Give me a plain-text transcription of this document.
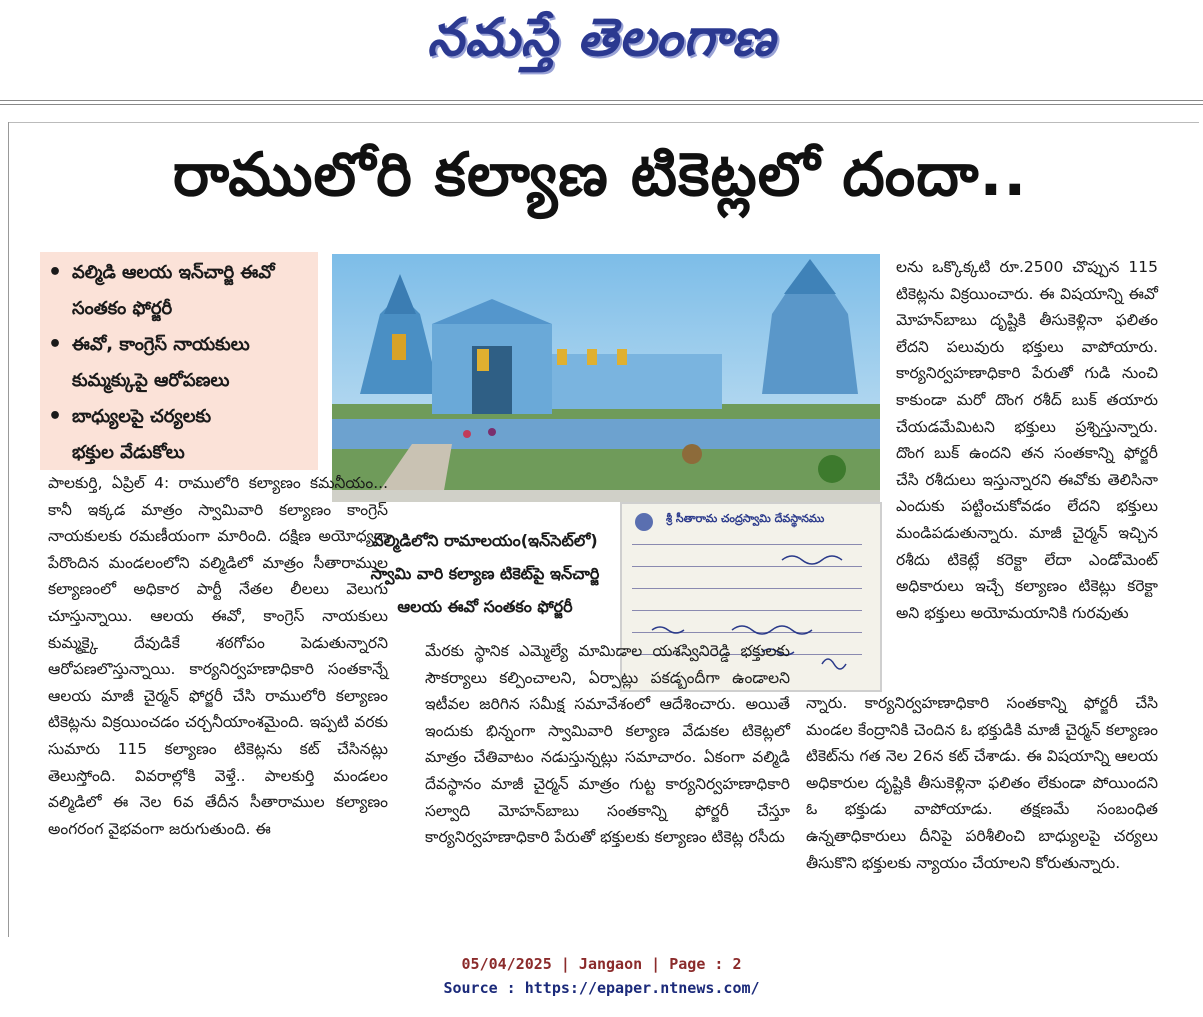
నమస్తే తెలంగాణ
రాములోరి కల్యాణ టికెట్లలో దందా..
• వల్మిడి ఆలయ ఇన్‌చార్జి ఈవో
సంతకం ఫోర్జరీ
• ఈవో, కాంగ్రెస్ నాయకులు
కుమ్మక్కుపై ఆరోపణలు
• బాధ్యులపై చర్యలకు
భక్తుల వేడుకోలు
శ్రీ సీతారామ చంద్రస్వామి దేవస్థానము
వల్మిడిలోని రామాలయం(ఇన్‌సెట్‌లో)
స్వామి వారి కల్యాణ టికెట్‌పై ఇన్‌చార్జి
ఆలయ ఈవో సంతకం ఫోర్జరీ

పాలకుర్తి, ఏప్రిల్ 4: రాములోరి కల్యాణం కమనీయం... కానీ ఇక్కడ మాత్రం స్వామివారి కల్యాణం కాంగ్రెస్ నాయకులకు రమణీయంగా మారింది. దక్షిణ అయోధ్యగా పేరొందిన మండలంలోని వల్మిడిలో మాత్రం సీతారాముల కల్యాణంలో అధికార పార్టీ నేతల లీలలు వెలుగు చూస్తున్నాయి. ఆలయ ఈవో, కాంగ్రెస్ నాయకులు కుమ్మక్కై దేవుడికే శఠగోపం పెడుతున్నారని ఆరోపణలొస్తున్నాయి. కార్యనిర్వహణాధికారి సంతకాన్నే ఆలయ మాజీ చైర్మన్ ఫోర్జరీ చేసి రాములోరి కల్యాణం టికెట్లను విక్రయించడం చర్చనీయాంశమైంది. ఇప్పటి వరకు సుమారు 115 కల్యాణం టికెట్లను కట్ చేసినట్లు తెలుస్తోంది. వివరాల్లోకి వెళ్తే.. పాలకుర్తి మండలం వల్మిడిలో ఈ నెల 6వ తేదీన సీతారాముల కల్యాణం అంగరంగ వైభవంగా జరుగుతుంది. ఈ

మేరకు స్థానిక ఎమ్మెల్యే మామిడాల యశస్విని‌రెడ్డి భక్తులకు సౌకర్యాలు కల్పించాలని, ఏర్పాట్లు పకడ్బందీగా ఉండాలని ఇటీవల జరిగిన సమీక్ష సమావేశంలో ఆదేశించారు. అయితే ఇందుకు భిన్నంగా స్వామివారి కల్యాణ వేడుకల టికెట్లలో మాత్రం చేతివాటం నడుస్తున్నట్లు సమాచారం. ఏకంగా వల్మిడి దేవస్థానం మాజీ చైర్మన్ మాత్రం గుట్ట కార్యనిర్వహణాధికారి సల్వాది మోహన్‌బాబు సంతకాన్ని ఫోర్జరీ చేస్తూ కార్యనిర్వహణాధికారి పేరుతో భక్తులకు కల్యాణం టికెట్ల రసీదు

లను ఒక్కొక్కటి రూ.2500 చొప్పున 115 టికెట్లను విక్రయించారు. ఈ విషయాన్ని ఈవో మోహన్‌బాబు దృష్టికి తీసుకెళ్లినా ఫలితం లేదని పలువురు భక్తులు వాపోయారు. కార్యనిర్వహణాధికారి పేరుతో గుడి నుంచి కాకుండా మరో దొంగ రశీద్ బుక్ తయారు చేయడమేమిటని భక్తులు ప్రశ్నిస్తున్నారు. దొంగ బుక్ ఉందని తన సంతకాన్ని ఫోర్జరీ చేసి రశీదులు ఇస్తున్నారని ఈవోకు తెలిసినా ఎందుకు పట్టించుకోవడం లేదని భక్తులు మండిపడుతున్నారు. మాజీ చైర్మన్ ఇచ్చిన రశీదు టికెట్లే కరెక్టా లేదా ఎండోమెంట్ అధికారులు ఇచ్చే కల్యాణం టికెట్లు కరెక్టా అని భక్తులు అయోమయానికి గురవుతు

న్నారు. కార్యనిర్వహణాధికారి సంతకాన్ని ఫోర్జరీ చేసి మండల కేంద్రానికి చెందిన ఓ భక్తుడికి మాజీ చైర్మన్ కల్యాణం టికెట్‌ను గత నెల 26న కట్ చేశాడు. ఈ విషయాన్ని ఆలయ అధికారుల దృష్టికి తీసుకెళ్లినా ఫలితం లేకుండా పోయిందని ఓ భక్తుడు వాపోయాడు. తక్షణమే సంబంధిత ఉన్నతాధికారులు దీనిపై పరిశీలించి బాధ్యులపై చర్యలు తీసుకొని భక్తులకు న్యాయం చేయాలని కోరుతున్నారు.

05/04/2025 | Jangaon | Page : 2
Source : https://epaper.ntnews.com/
